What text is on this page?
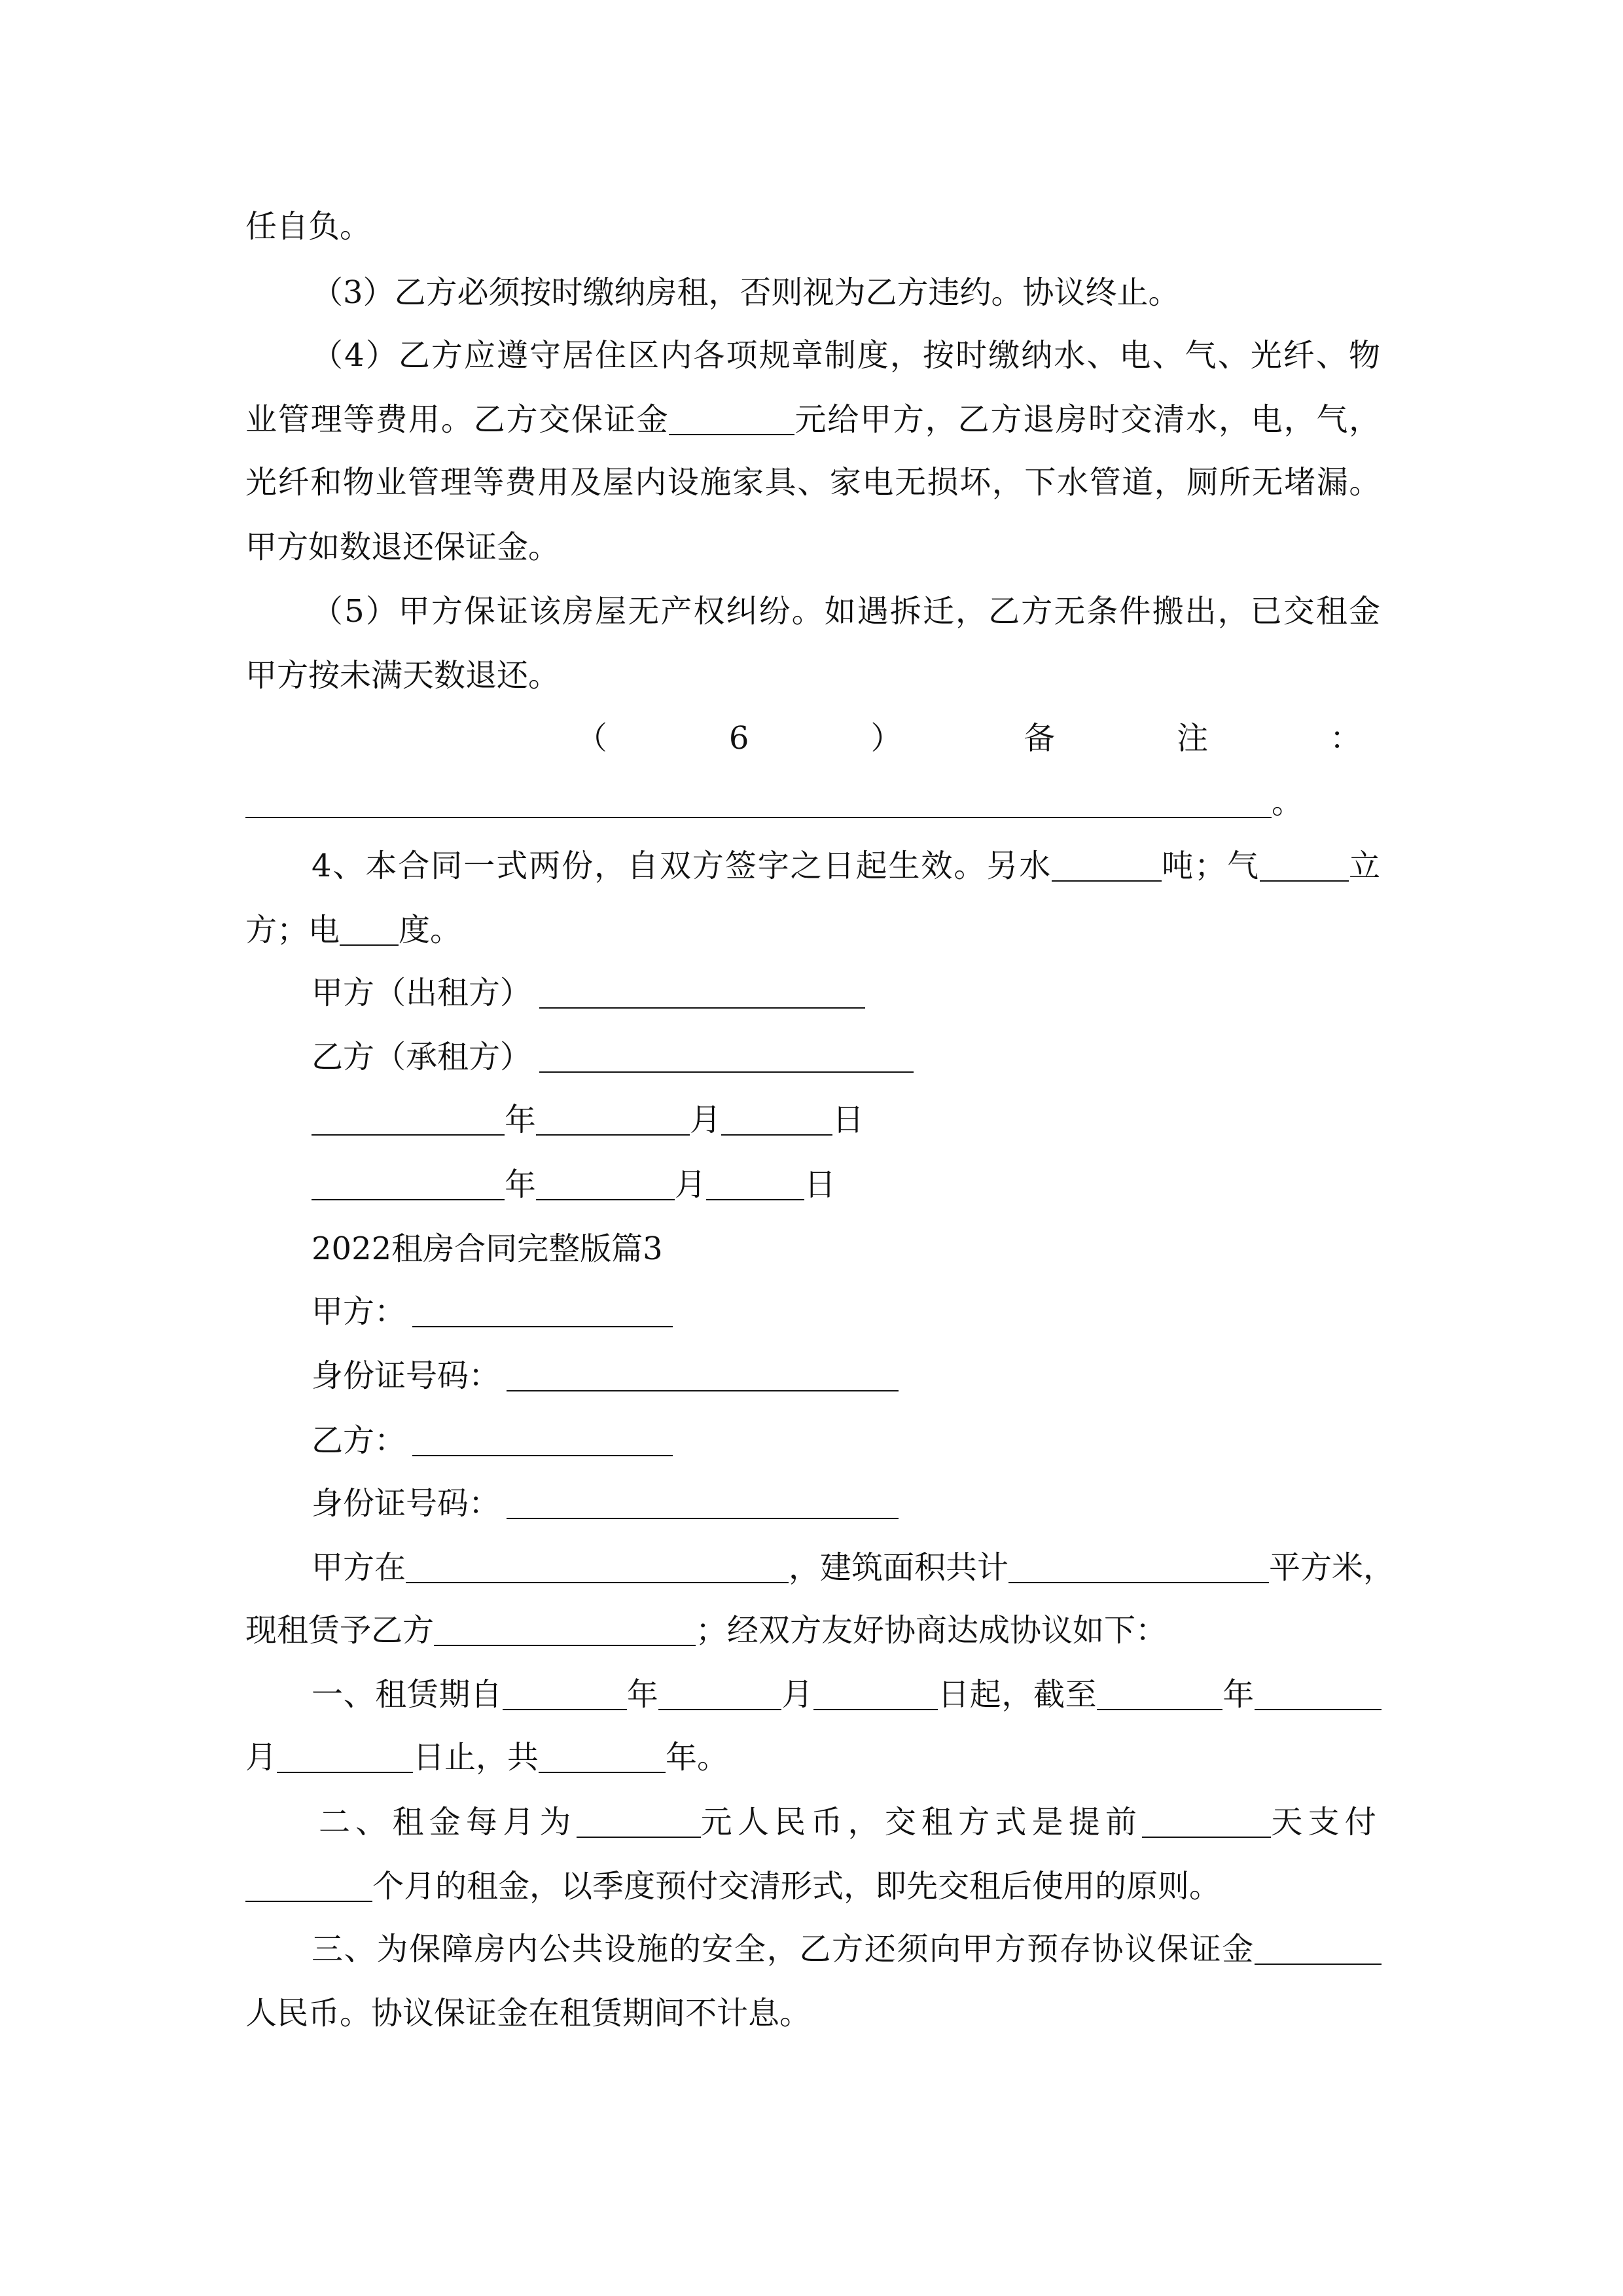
任自负。
（3）乙方必须按时缴纳房租，否则视为乙方违约。协议终止。
（4）乙方应遵守居住区内各项规章制度，按时缴纳水、电、气、光纤、物
业管理等费用。乙方交保证金	元给甲方，乙方退房时交清水，电，气，
光纤和物业管理等费用及屋内设施家具、家电无损坏，下水管道，厕所无堵漏。
甲方如数退还保证金。
（5）甲方保证该房屋无产权纠纷。如遇拆迁，乙方无条件搬出，已交租金
甲方按未满天数退还。
（	6	）	备	注	：
。
4、本合同一式两份，自双方签字之日起生效。另水	吨；气	立
方；电 度。
甲方（出租方）
乙方（承租方）
年	月	日
年	月	日
2022租房合同完整版篇3
甲方：
身份证号码：
乙方：
身份证号码：
甲方在	，建筑面积共计	平方米，
现租赁予乙方	；经双方友好协商达成协议如下：
一、租赁期自	年	月	日起，截至	年
月	日止，共	年。
二、租金每月为	元人民币，交租方式是提前	天支付
个月的租金，以季度预付交清形式，即先交租后使用的原则。
三、为保障房内公共设施的安全，乙方还须向甲方预存协议保证金
人民币。协议保证金在租赁期间不计息。
